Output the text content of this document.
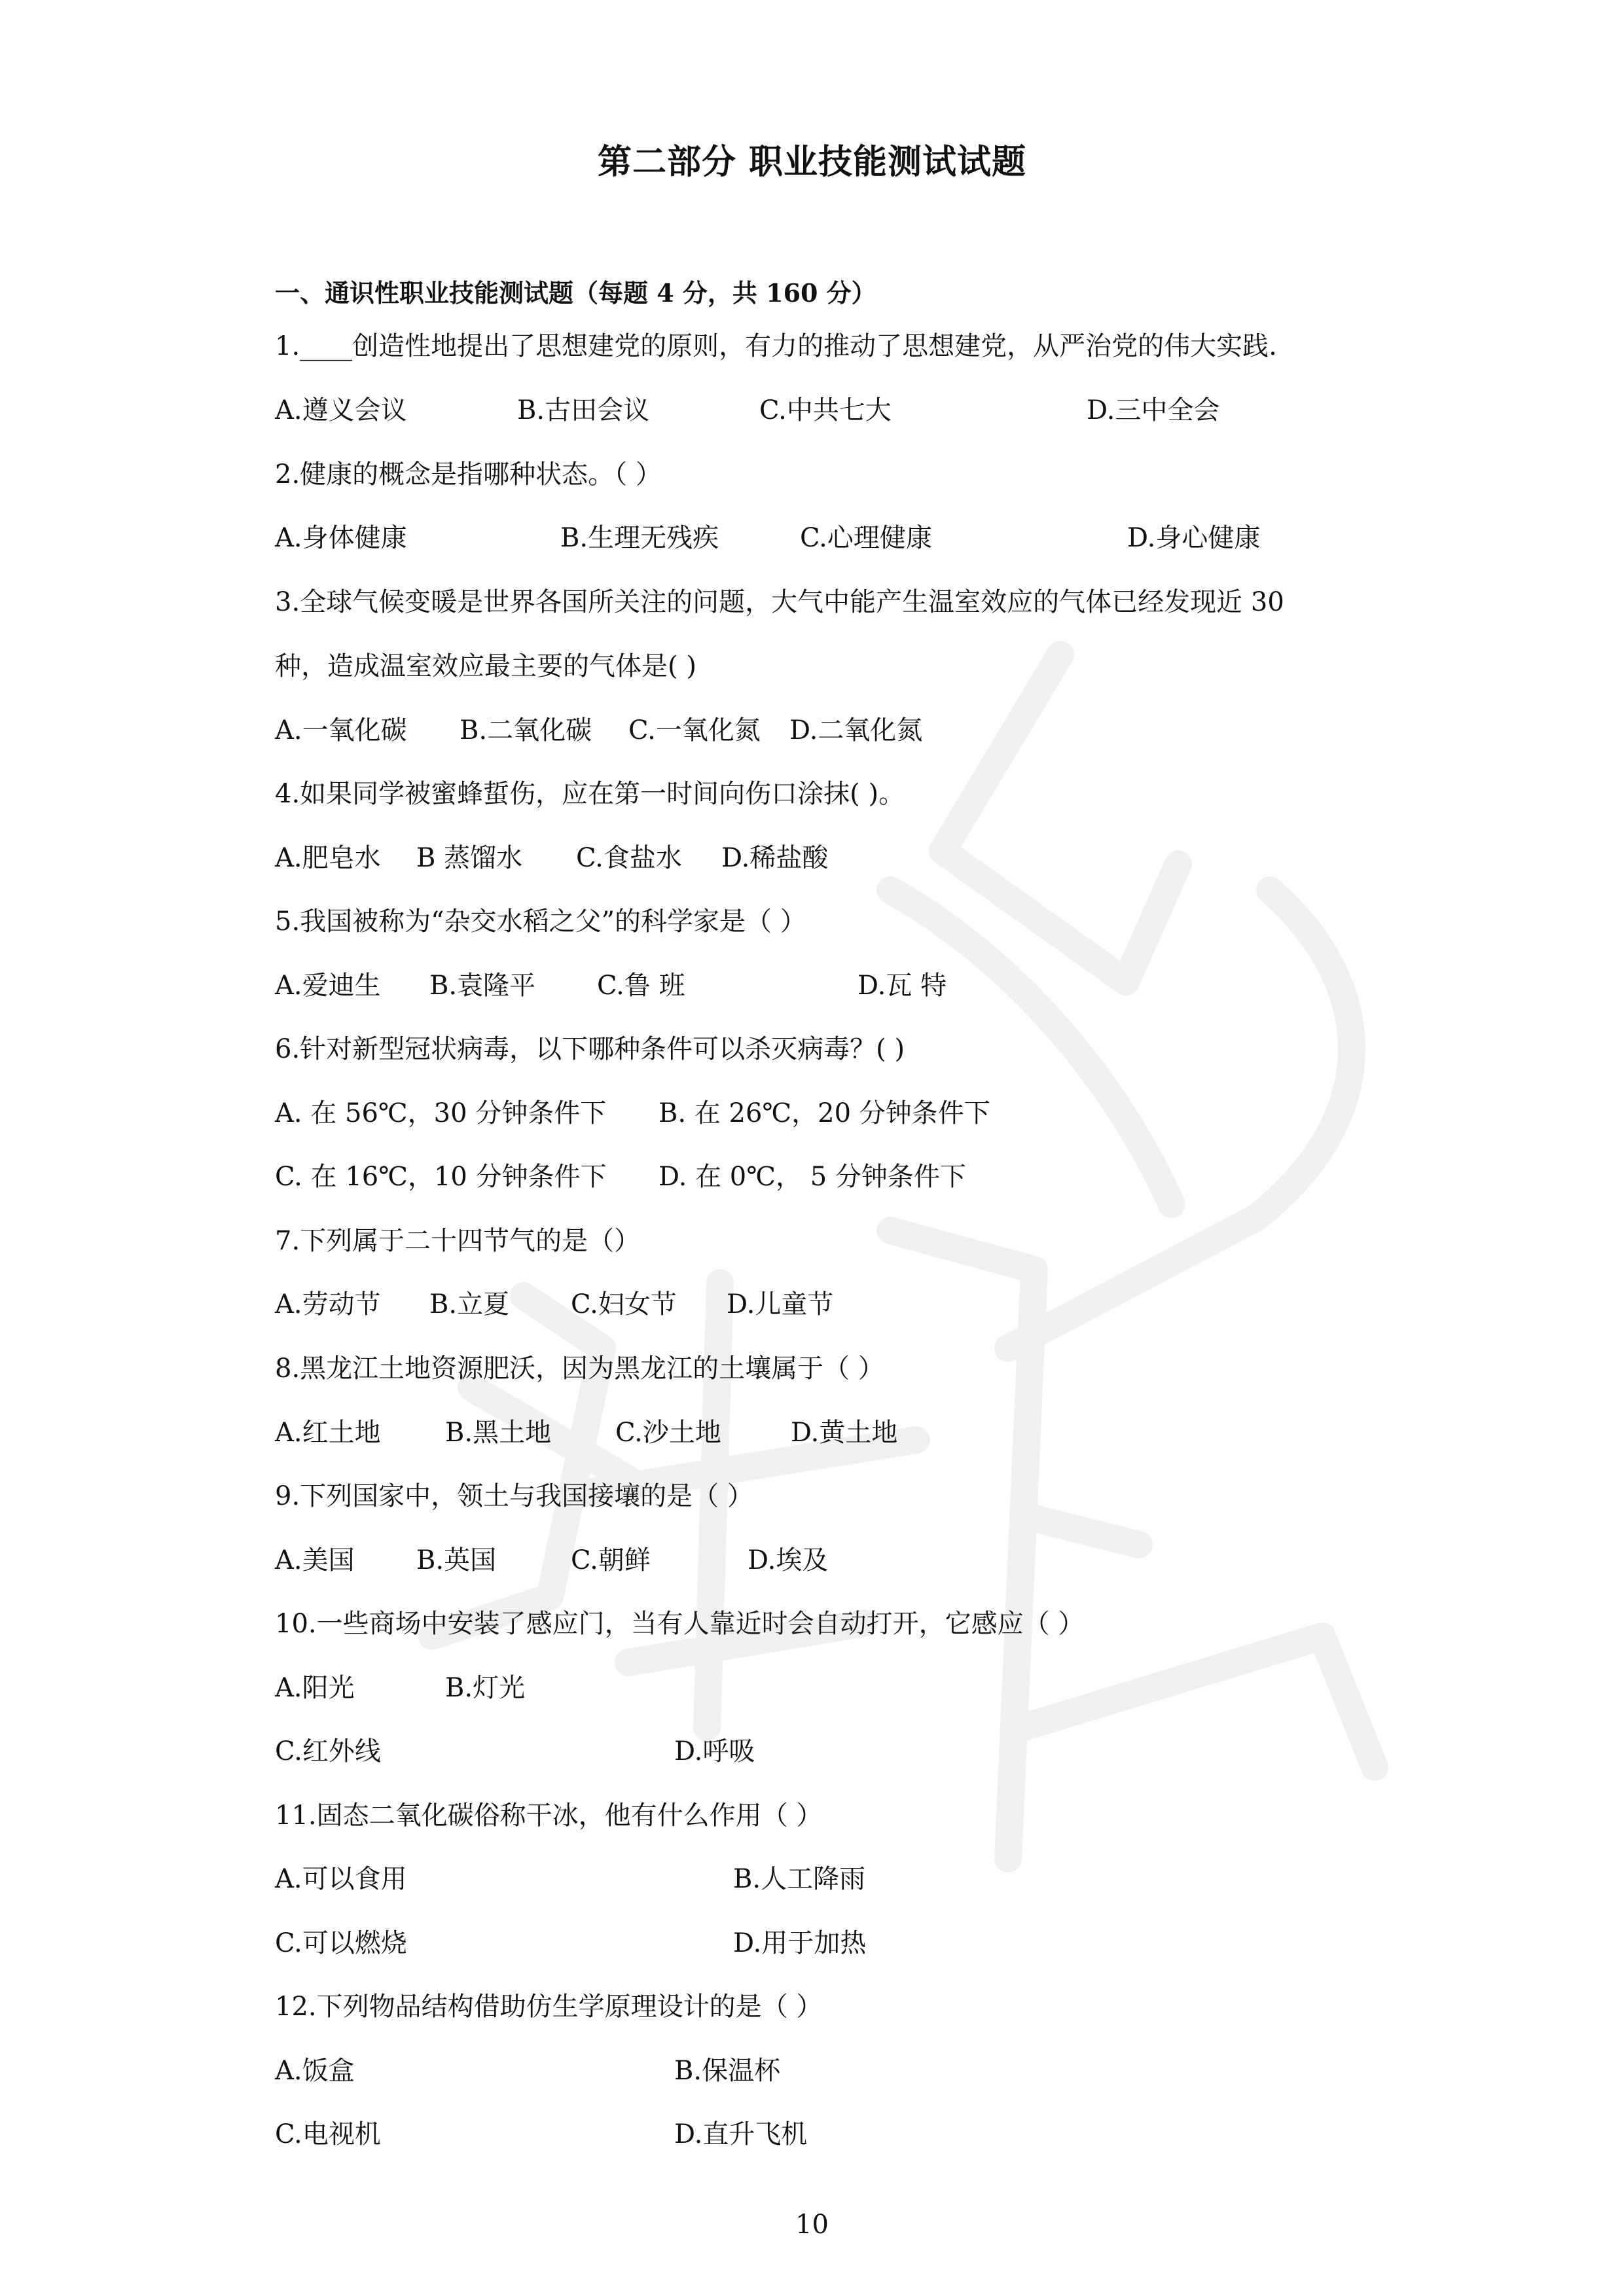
第二部分 职业技能测试试题
一、通识性职业技能测试题（每题 4 分，共 160 分）
1.____创造性地提出了思想建党的原则，有力的推动了思想建党，从严治党的伟大实践.
A.遵义会议	B.古田会议	C.中共七大	D.三中全会
2.健康的概念是指哪种状态。（ ）
A.身体健康	B.生理无残疾	C.心理健康	D.身心健康
3.全球气候变暖是世界各国所关注的问题，大气中能产生温室效应的气体已经发现近 30
种，造成温室效应最主要的气体是( )
A.一氧化碳 B.二氧化碳 C.一氧化氮 D.二氧化氮
4.如果同学被蜜蜂蜇伤，应在第一时间向伤口涂抹( )。
A.肥皂水 B 蒸馏水 C.食盐水 D.稀盐酸
5.我国被称为“杂交水稻之父”的科学家是（ ）
A.爱迪生 B.袁隆平 C.鲁 班	D.瓦 特
6.针对新型冠状病毒，以下哪种条件可以杀灭病毒？( )
A. 在 56℃，30 分钟条件下 B. 在 26℃，20 分钟条件下
C. 在 16℃，10 分钟条件下 D. 在 0℃， 5 分钟条件下
7.下列属于二十四节气的是（）
A.劳动节 B.立夏 C.妇女节 D.儿童节
8.黑龙江土地资源肥沃，因为黑龙江的土壤属于（ ）
A.红土地 B.黑土地 C.沙土地	D.黄土地
9.下列国家中，领土与我国接壤的是（ ）
A.美国 B.英国	C.朝鲜	D.埃及
10.一些商场中安装了感应门，当有人靠近时会自动打开，它感应（ ）
A.阳光	B.灯光
C.红外线	D.呼吸
11.固态二氧化碳俗称干冰，他有什么作用（ ）
A.可以食用	B.人工降雨
C.可以燃烧	D.用于加热
12.下列物品结构借助仿生学原理设计的是（ ）
A.饭盒	B.保温杯
C.电视机	D.直升飞机
10
